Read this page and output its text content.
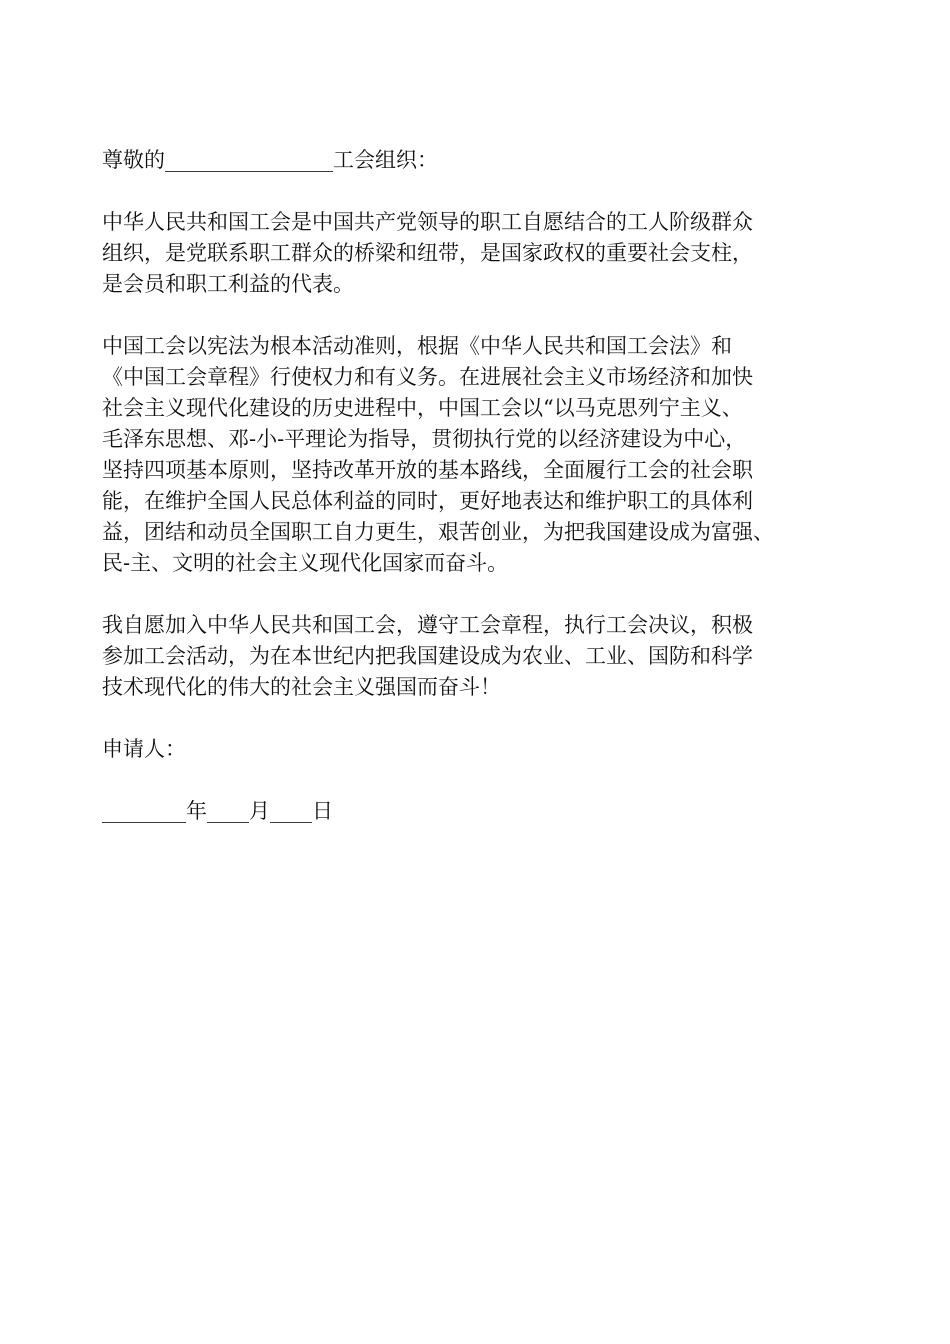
尊敬的________________工会组织：
中华人民共和国工会是中国共产党领导的职工自愿结合的工人阶级群众
组织，是党联系职工群众的桥梁和纽带，是国家政权的重要社会支柱，
是会员和职工利益的代表。
中国工会以宪法为根本活动准则，根据《中华人民共和国工会法》和
《中国工会章程》行使权力和有义务。在进展社会主义市场经济和加快
社会主义现代化建设的历史进程中，中国工会以“以马克思列宁主义、
毛泽东思想、邓-小-平理论为指导，贯彻执行党的以经济建设为中心，
坚持四项基本原则，坚持改革开放的基本路线，全面履行工会的社会职
能，在维护全国人民总体利益的同时，更好地表达和维护职工的具体利
益，团结和动员全国职工自力更生，艰苦创业，为把我国建设成为富强、
民-主、文明的社会主义现代化国家而奋斗。
我自愿加入中华人民共和国工会，遵守工会章程，执行工会决议，积极
参加工会活动，为在本世纪内把我国建设成为农业、工业、国防和科学
技术现代化的伟大的社会主义强国而奋斗！
申请人：
________年____月____日
